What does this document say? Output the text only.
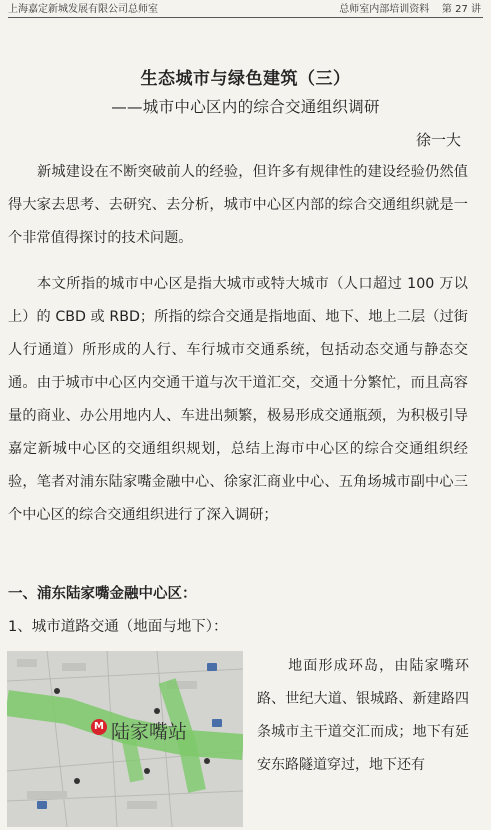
上海嘉定新城发展有限公司总师室	总师室内部培训资料    第 27 讲
生态城市与绿色建筑（三）
——城市中心区内的综合交通组织调研
徐一大

新城建设在不断突破前人的经验，但许多有规律性的建设经验仍然值得大家去思考、去研究、去分析，城市中心区内部的综合交通组织就是一个非常值得探讨的技术问题。

本文所指的城市中心区是指大城市或特大城市（人口超过 100 万以上）的 CBD 或 RBD；所指的综合交通是指地面、地下、地上二层（过街人行通道）所形成的人行、车行城市交通系统，包括动态交通与静态交通。由于城市中心区内交通干道与次干道汇交，交通十分繁忙，而且高容量的商业、办公用地内人、车进出频繁，极易形成交通瓶颈，为积极引导嘉定新城中心区的交通组织规划，总结上海市中心区的综合交通组织经验，笔者对浦东陆家嘴金融中心、徐家汇商业中心、五角场城市副中心三个中心区的综合交通组织进行了深入调研；

一、浦东陆家嘴金融中心区：
1、城市道路交通（地面与地下）：
M 陆家嘴站

地面形成环岛，由陆家嘴环路、世纪大道、银城路、新建路四条城市主干道交汇而成；地下有延安东路隧道穿过，地下还有
